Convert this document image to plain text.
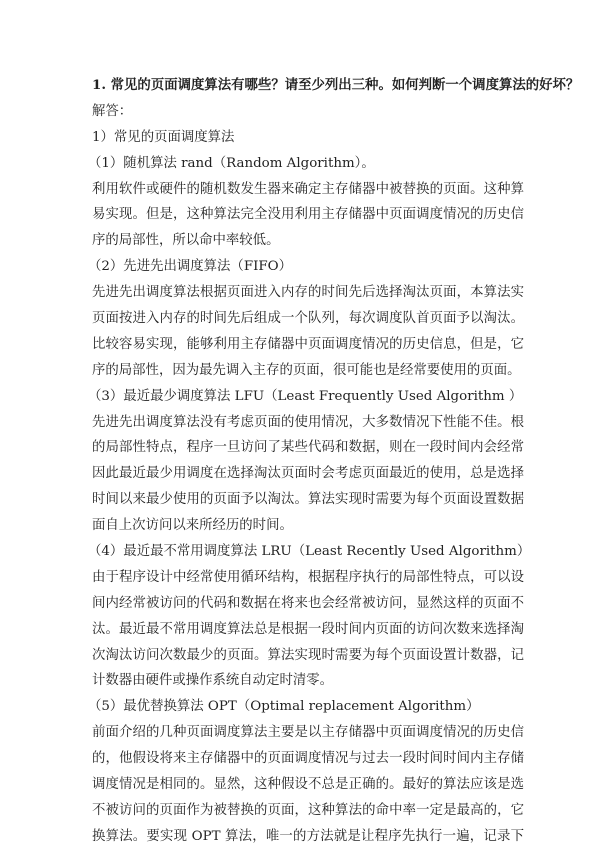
1. 常见的页面调度算法有哪些？请至少列出三种。如何判断一个调度算法的好坏？
解答：
1）常见的页面调度算法
（1）随机算法 rand（Random Algorithm）。
利用软件或硬件的随机数发生器来确定主存储器中被替换的页面。这种算
易实现。但是，这种算法完全没用利用主存储器中页面调度情况的历史信
序的局部性，所以命中率较低。
（2）先进先出调度算法（FIFO）
先进先出调度算法根据页面进入内存的时间先后选择淘汰页面，本算法实
页面按进入内存的时间先后组成一个队列，每次调度队首页面予以淘汰。
比较容易实现，能够利用主存储器中页面调度情况的历史信息，但是，它
序的局部性，因为最先调入主存的页面，很可能也是经常要使用的页面。
（3）最近最少调度算法 LFU（Least Frequently Used Algorithm ）
先进先出调度算法没有考虑页面的使用情况，大多数情况下性能不佳。根
的局部性特点，程序一旦访问了某些代码和数据，则在一段时间内会经常
因此最近最少用调度在选择淘汰页面时会考虑页面最近的使用，总是选择
时间以来最少使用的页面予以淘汰。算法实现时需要为每个页面设置数据
面自上次访问以来所经历的时间。
（4）最近最不常用调度算法 LRU（Least Recently Used Algorithm）
由于程序设计中经常使用循环结构，根据程序执行的局部性特点，可以设
间内经常被访问的代码和数据在将来也会经常被访问，显然这样的页面不
汰。最近最不常用调度算法总是根据一段时间内页面的访问次数来选择淘
次淘汰访问次数最少的页面。算法实现时需要为每个页面设置计数器，记
计数器由硬件或操作系统自动定时清零。
（5）最优替换算法 OPT（Optimal replacement Algorithm）
前面介绍的几种页面调度算法主要是以主存储器中页面调度情况的历史信
的，他假设将来主存储器中的页面调度情况与过去一段时间时间内主存储
调度情况是相同的。显然，这种假设不总是正确的。最好的算法应该是选
不被访问的页面作为被替换的页面，这种算法的命中率一定是最高的，它
换算法。要实现 OPT 算法，唯一的方法就是让程序先执行一遍，记录下
